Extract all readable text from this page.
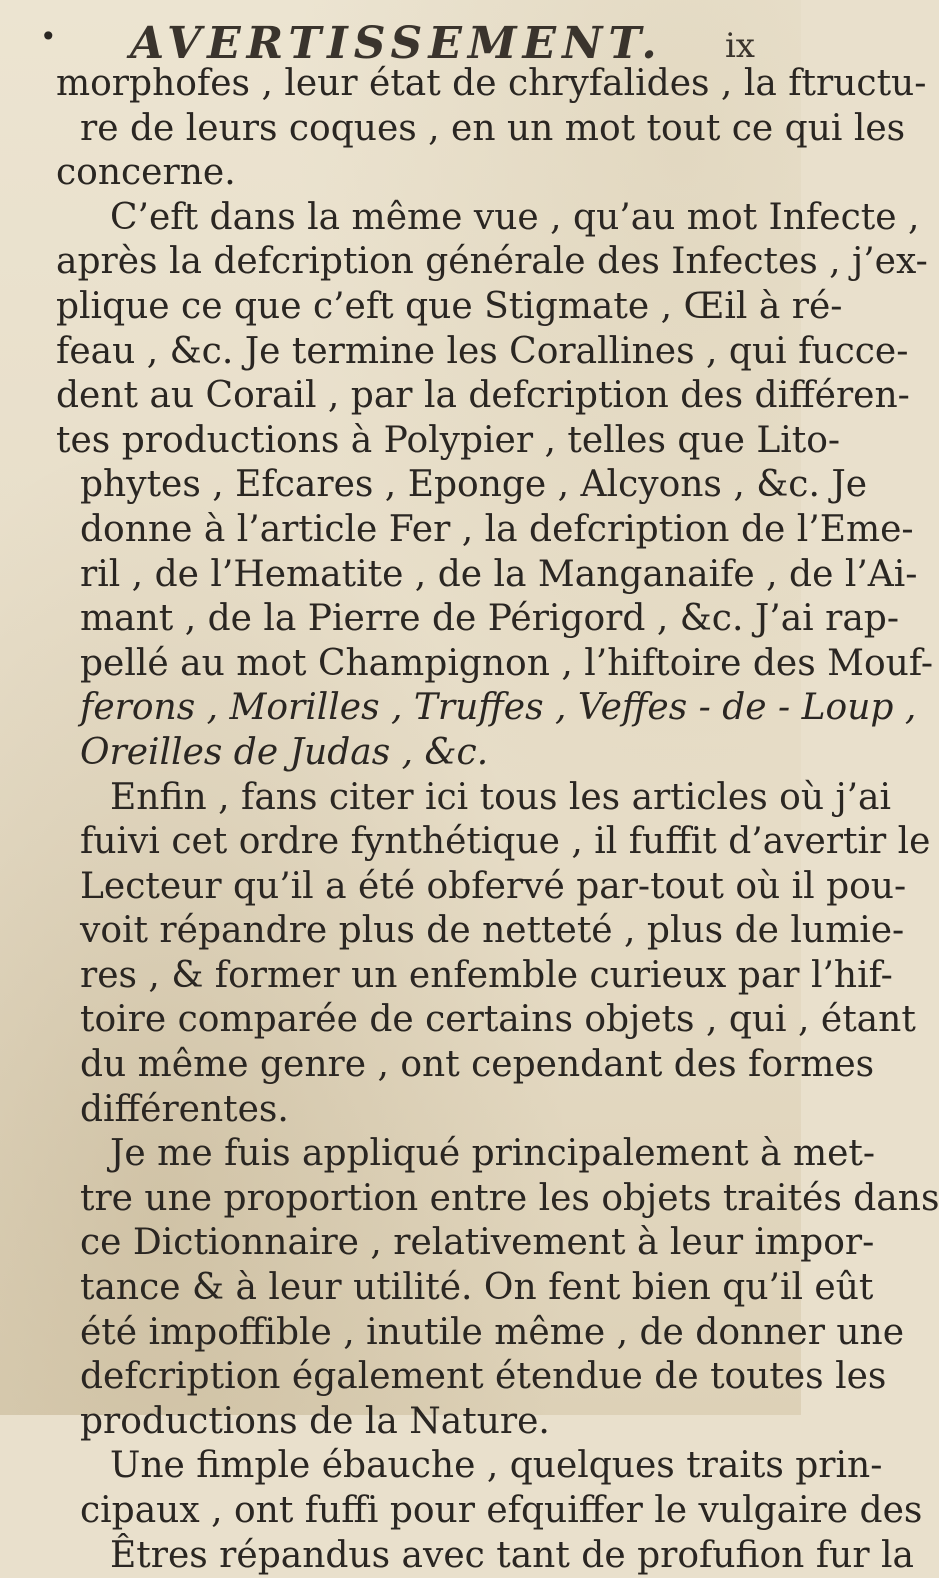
• AVERTISSEMENT. ix
morphofes , leur état de chryfalides , la ftructu-
re de leurs coques , en un mot tout ce qui les
concerne.
C’eft dans la même vue , qu’au mot Infecte ,
après la defcription générale des Infectes , j’ex-
plique ce que c’eft que Stigmate , Œil à ré-
feau , &c. Je termine les Corallines , qui fucce-
dent au Corail , par la defcription des différen-
tes productions à Polypier , telles que Lito-
phytes , Efcares , Eponge , Alcyons , &c. Je
donne à l’article Fer , la defcription de l’Eme-
ril , de l’Hematite , de la Manganaife , de l’Ai-
mant , de la Pierre de Périgord , &c. J’ai rap-
pellé au mot Champignon , l’hiftoire des Mouf-
ferons , Morilles , Truffes , Veffes - de - Loup ,
Oreilles de Judas , &c.
Enfin , fans citer ici tous les articles où j’ai
fuivi cet ordre fynthétique , il fuffit d’avertir le
Lecteur qu’il a été obfervé par-tout où il pou-
voit répandre plus de netteté , plus de lumie-
res , & former un enfemble curieux par l’hif-
toire comparée de certains objets , qui , étant
du même genre , ont cependant des formes
différentes.
Je me fuis appliqué principalement à met-
tre une proportion entre les objets traités dans
ce Dictionnaire , relativement à leur impor-
tance & à leur utilité. On fent bien qu’il eût
été impoffible , inutile même , de donner une
defcription également étendue de toutes les
productions de la Nature.
Une fimple ébauche , quelques traits prin-
cipaux , ont fuffi pour efquiffer le vulgaire des
Êtres répandus avec tant de profufion fur la
